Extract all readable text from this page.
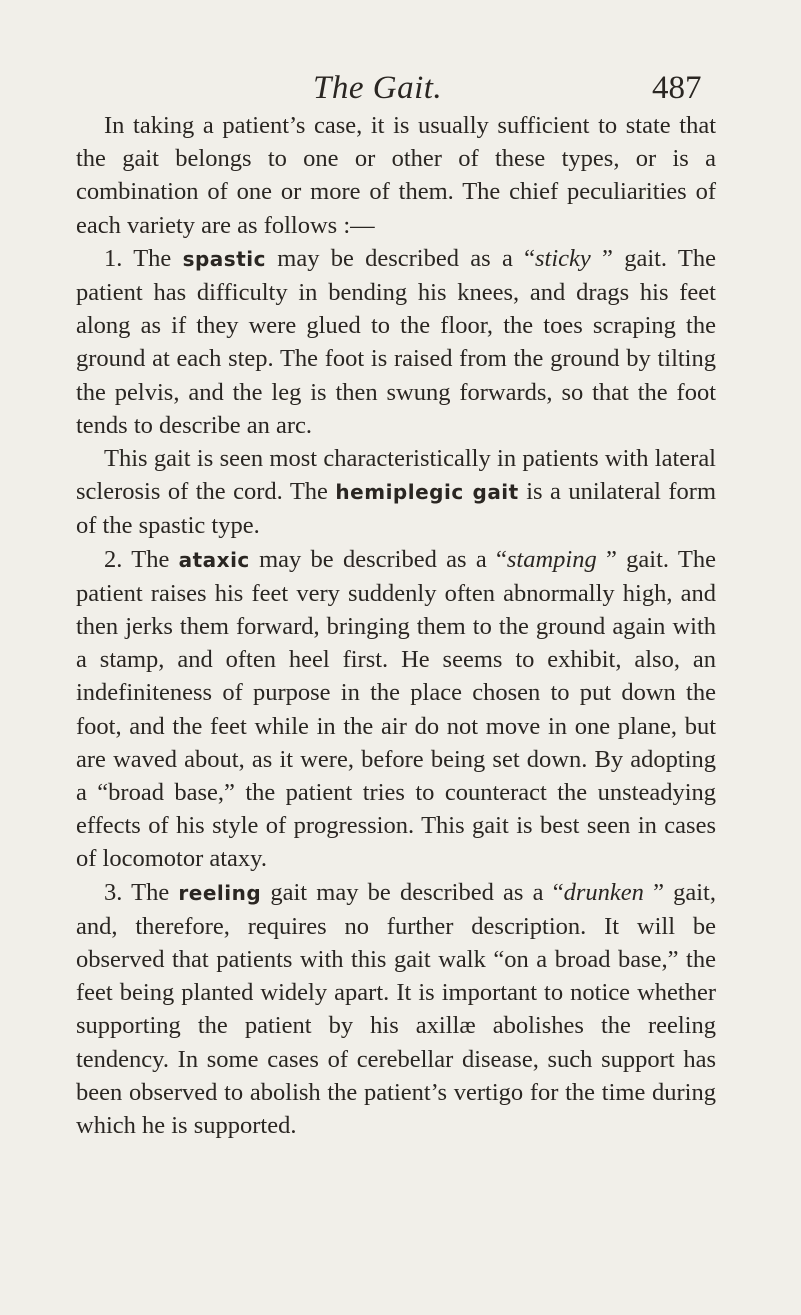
The Gait.	487

In taking a patient’s case, it is usually sufficient to state that the gait belongs to one or other of these types, or is a combination of one or more of them. The chief peculiarities of each variety are as follows :—

1. The spastic may be described as a “sticky ” gait. The patient has difficulty in bending his knees, and drags his feet along as if they were glued to the floor, the toes scraping the ground at each step. The foot is raised from the ground by tilting the pelvis, and the leg is then swung forwards, so that the foot tends to describe an arc.

This gait is seen most characteristically in patients with lateral sclerosis of the cord. The hemiplegic gait is a unilateral form of the spastic type.

2. The ataxic may be described as a “stamping ” gait. The patient raises his feet very suddenly often abnormally high, and then jerks them forward, bringing them to the ground again with a stamp, and often heel first. He seems to exhibit, also, an indefiniteness of purpose in the place chosen to put down the foot, and the feet while in the air do not move in one plane, but are waved about, as it were, before being set down. By adopting a “broad base,” the patient tries to counteract the unsteadying effects of his style of progression. This gait is best seen in cases of locomotor ataxy.

3. The reeling gait may be described as a “drunken ” gait, and, therefore, requires no further description. It will be observed that patients with this gait walk “on a broad base,” the feet being planted widely apart. It is important to notice whether supporting the patient by his axillæ abolishes the reeling tendency. In some cases of cerebellar disease, such support has been observed to abolish the patient’s vertigo for the time during which he is supported.
